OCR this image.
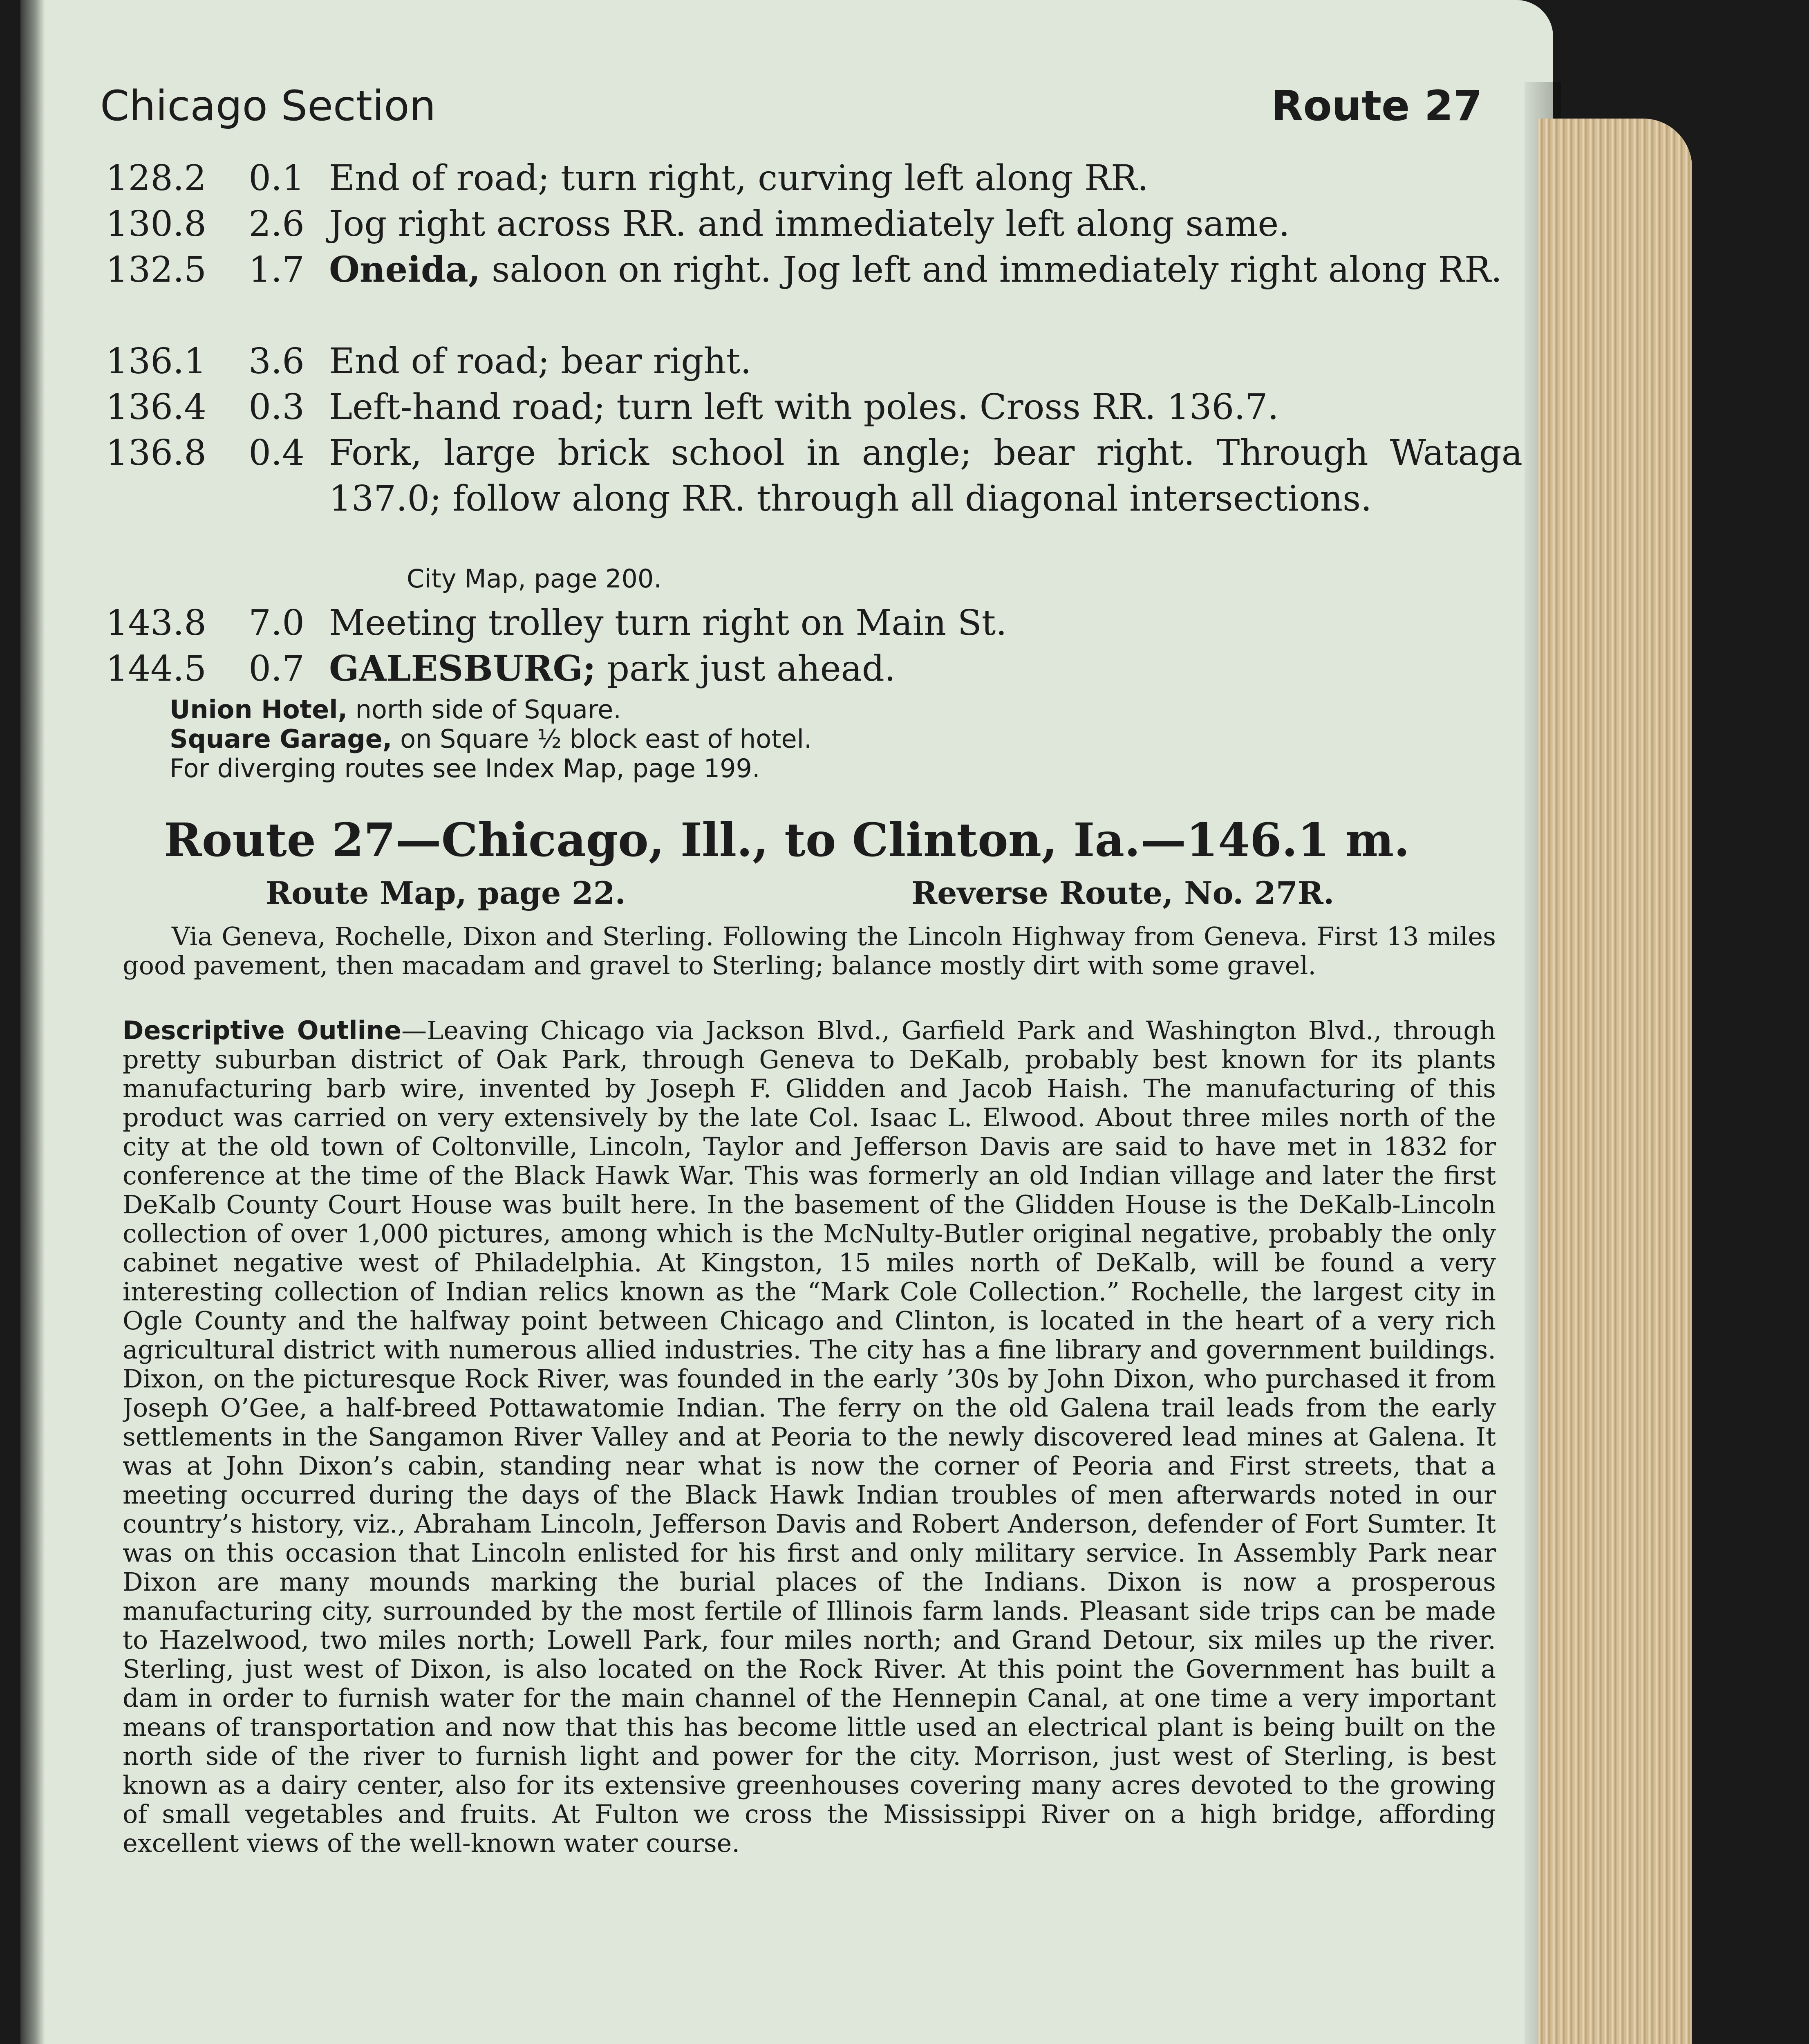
Chicago Section	Route 27
128.2	0.1 End of road; turn right, curving left along RR.
130.8	2.6 Jog right across RR. and immediately left along same.
132.5	1.7 Oneida, saloon on right. Jog left and immediately right along RR.
136.1	3.6 End of road; bear right.
136.4	0.3 Left-hand road; turn left with poles. Cross RR. 136.7.
136.8	0.4 Fork, large brick school in angle; bear right. Through Wataga 137.0; follow along RR. through all diagonal intersections.
City Map, page 200.
143.8	7.0 Meeting trolley turn right on Main St.
144.5	0.7 GALESBURG; park just ahead.
Union Hotel, north side of Square.
Square Garage, on Square ½ block east of hotel.
For diverging routes see Index Map, page 199.
Route 27—Chicago, Ill., to Clinton, Ia.—146.1 m.
Route Map, page 22.	Reverse Route, No. 27R.
Via Geneva, Rochelle, Dixon and Sterling. Following the Lincoln Highway from Geneva. First 13 miles good pavement, then macadam and gravel to Sterling; balance mostly dirt with some gravel.
Descriptive Outline—Leaving Chicago via Jackson Blvd., Garfield Park and Washington Blvd., through pretty suburban district of Oak Park, through Geneva to DeKalb, probably best known for its plants manufacturing barb wire, invented by Joseph F. Glidden and Jacob Haish. The manufacturing of this product was carried on very extensively by the late Col. Isaac L. Elwood. About three miles north of the city at the old town of Coltonville, Lincoln, Taylor and Jefferson Davis are said to have met in 1832 for conference at the time of the Black Hawk War. This was formerly an old Indian village and later the first DeKalb County Court House was built here. In the basement of the Glidden House is the DeKalb-Lincoln collection of over 1,000 pictures, among which is the McNulty-Butler original negative, probably the only cabinet negative west of Philadelphia. At Kingston, 15 miles north of DeKalb, will be found a very interesting collection of Indian relics known as the “Mark Cole Collection.” Rochelle, the largest city in Ogle County and the halfway point between Chicago and Clinton, is located in the heart of a very rich agricultural district with numerous allied industries. The city has a fine library and government buildings. Dixon, on the picturesque Rock River, was founded in the early ’30s by John Dixon, who purchased it from Joseph O’Gee, a half-breed Pottawatomie Indian. The ferry on the old Galena trail leads from the early settlements in the Sangamon River Valley and at Peoria to the newly discovered lead mines at Galena. It was at John Dixon’s cabin, standing near what is now the corner of Peoria and First streets, that a meeting occurred during the days of the Black Hawk Indian troubles of men afterwards noted in our country’s history, viz., Abraham Lincoln, Jefferson Davis and Robert Anderson, defender of Fort Sumter. It was on this occasion that Lincoln enlisted for his first and only military service. In Assembly Park near Dixon are many mounds marking the burial places of the Indians. Dixon is now a prosperous manufacturing city, surrounded by the most fertile of Illinois farm lands. Pleasant side trips can be made to Hazelwood, two miles north; Lowell Park, four miles north; and Grand Detour, six miles up the river. Sterling, just west of Dixon, is also located on the Rock River. At this point the Government has built a dam in order to furnish water for the main channel of the Hennepin Canal, at one time a very important means of transportation and now that this has become little used an electrical plant is being built on the north side of the river to furnish light and power for the city. Morrison, just west of Sterling, is best known as a dairy center, also for its extensive greenhouses covering many acres devoted to the growing of small vegetables and fruits. At Fulton we cross the Mississippi River on a high bridge, affording excellent views of the well-known water course.
